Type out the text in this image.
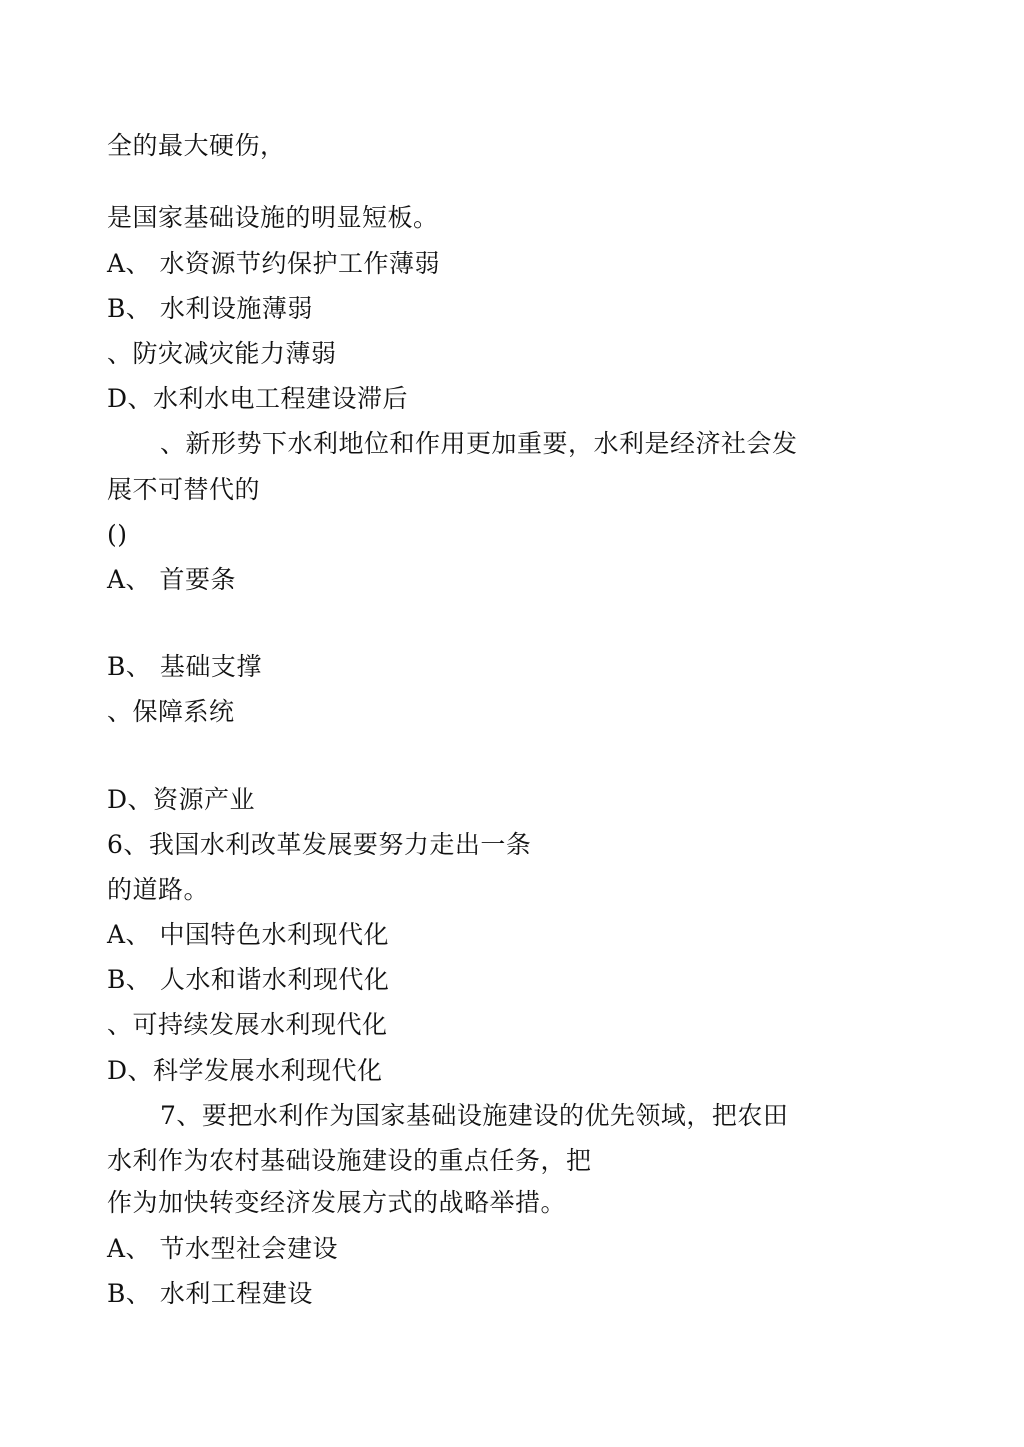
全的最大硬伤，
是国家基础设施的明显短板。
A、 水资源节约保护工作薄弱
B、 水利设施薄弱
、防灾减灾能力薄弱
D、水利水电工程建设滞后
、新形势下水利地位和作用更加重要，水利是经济社会发
展不可替代的
()
A、 首要条
B、 基础支撑
、保障系统
D、资源产业
6、我国水利改革发展要努力走出一条
的道路。
A、 中国特色水利现代化
B、 人水和谐水利现代化
、可持续发展水利现代化
D、科学发展水利现代化
7、要把水利作为国家基础设施建设的优先领域，把农田
水利作为农村基础设施建设的重点任务，把
作为加快转变经济发展方式的战略举措。
A、 节水型社会建设
B、 水利工程建设
